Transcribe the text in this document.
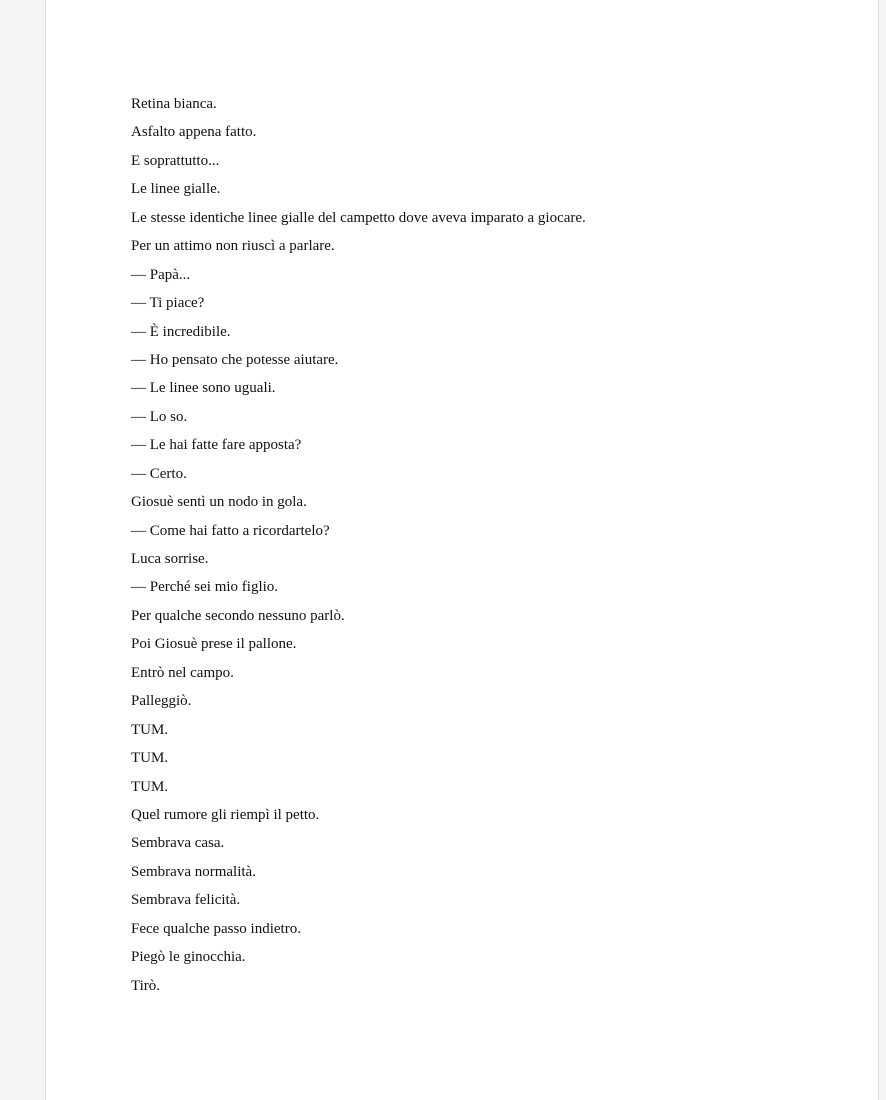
Retina bianca.

Asfalto appena fatto.

E soprattutto...

Le linee gialle.

Le stesse identiche linee gialle del campetto dove aveva imparato a giocare.

Per un attimo non riuscì a parlare.

— Papà...

— Ti piace?

— È incredibile.

— Ho pensato che potesse aiutare.

— Le linee sono uguali.

— Lo so.

— Le hai fatte fare apposta?

— Certo.

Giosuè sentì un nodo in gola.

— Come hai fatto a ricordartelo?

Luca sorrise.

— Perché sei mio figlio.

Per qualche secondo nessuno parlò.

Poi Giosuè prese il pallone.

Entrò nel campo.

Palleggiò.

TUM.

TUM.

TUM.

Quel rumore gli riempì il petto.

Sembrava casa.

Sembrava normalità.

Sembrava felicità.

Fece qualche passo indietro.

Piegò le ginocchia.

Tirò.
